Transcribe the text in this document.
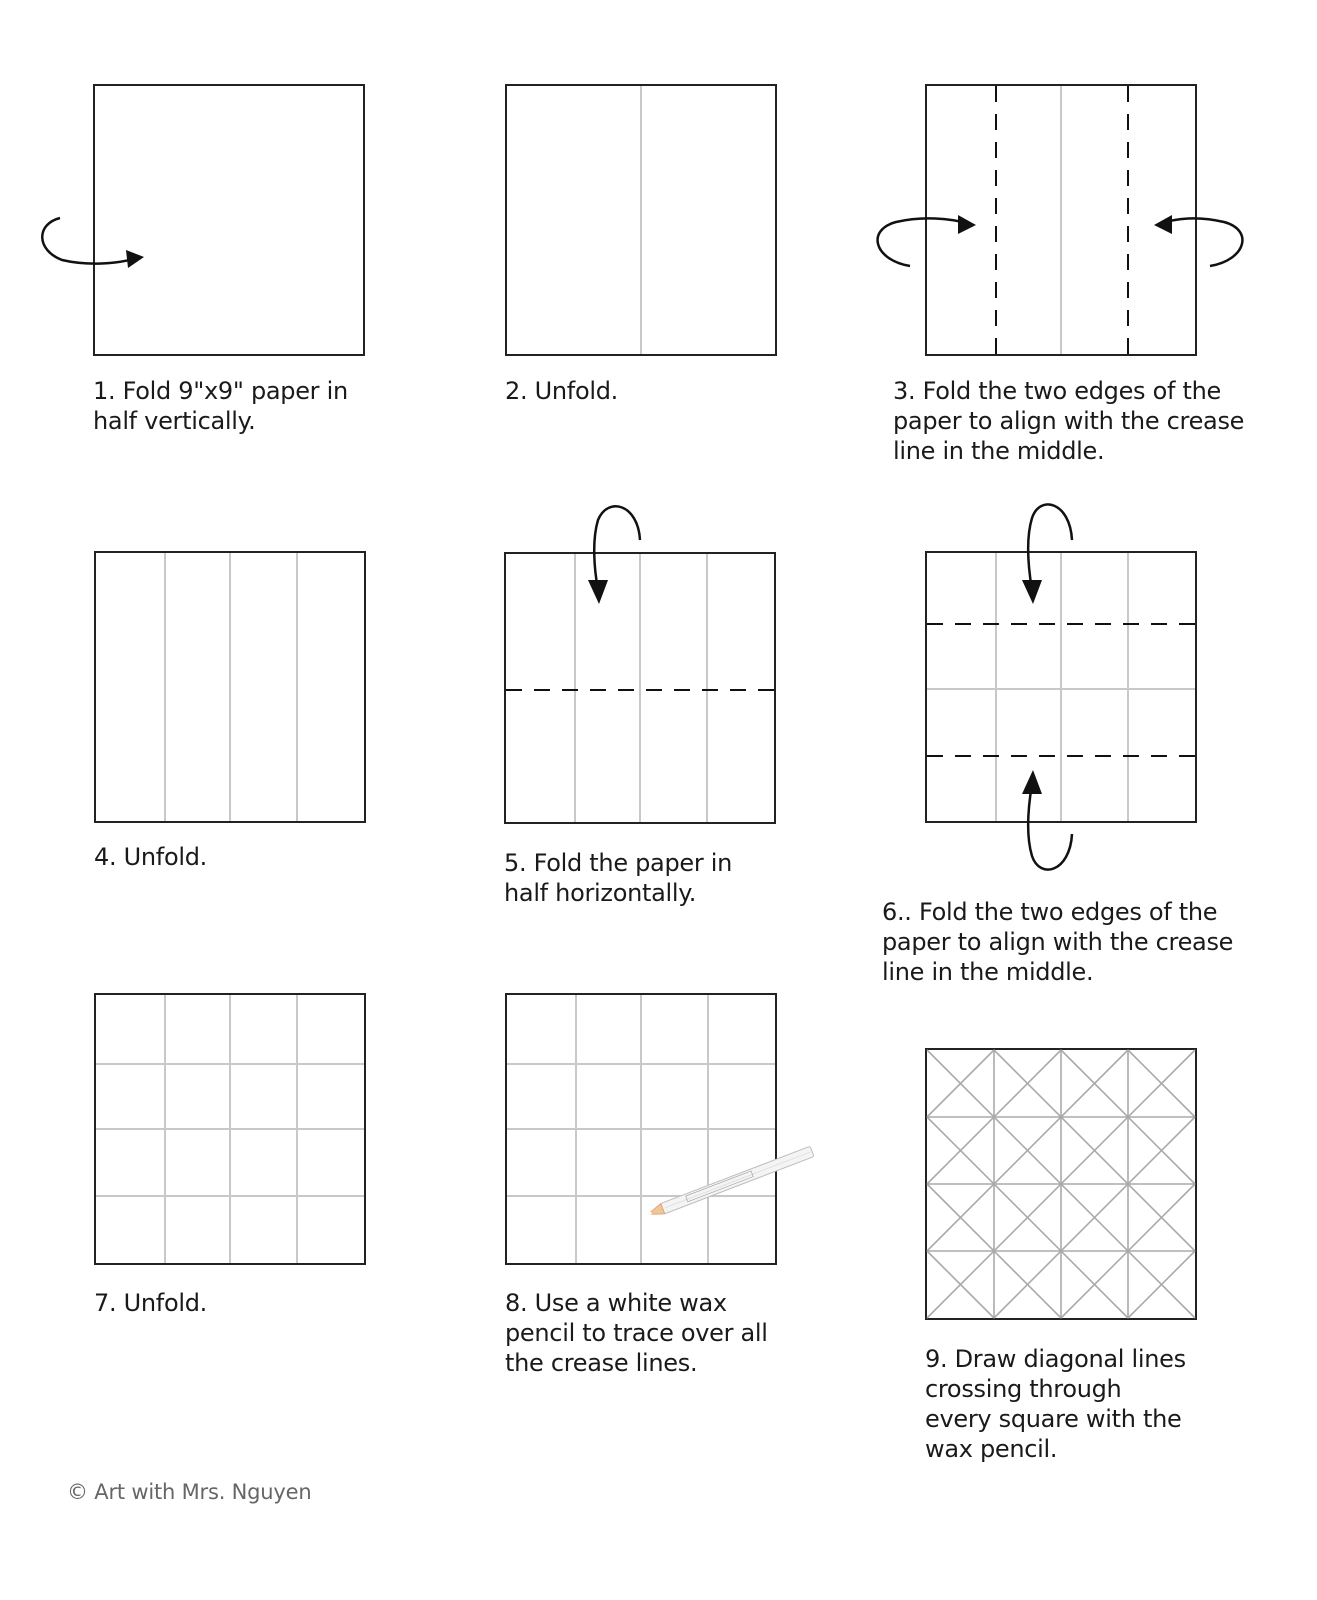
1. Fold 9"x9" paper in half vertically.

2. Unfold.	3. Fold the two edges of the paper to align with the crease line in the middle.

4. Unfold.	5. Fold the paper in half horizontally.

6.. Fold the two edges of the paper to align with the crease line in the middle.

7. Unfold.	8. Use a white wax pencil to trace over all the crease lines.	9. Draw diagonal lines crossing through every square with the wax pencil.

© Art with Mrs. Nguyen
